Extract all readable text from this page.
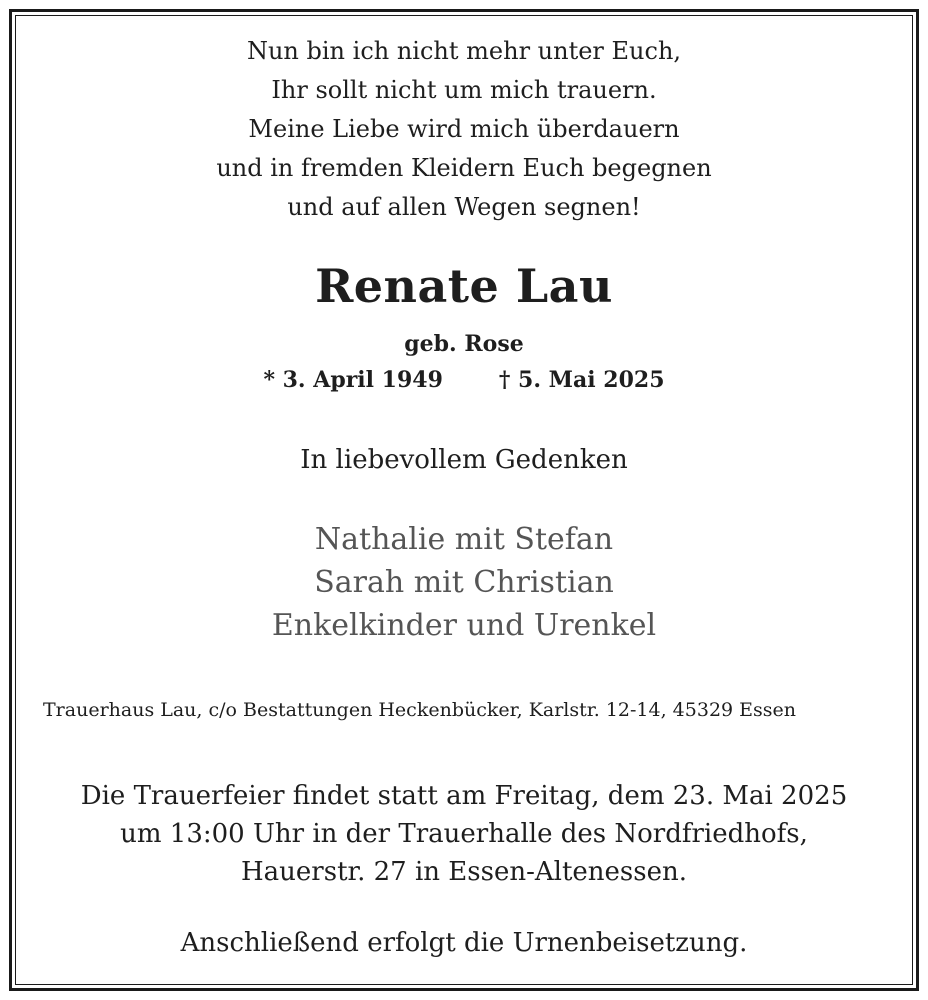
Nun bin ich nicht mehr unter Euch,
Ihr sollt nicht um mich trauern.
Meine Liebe wird mich überdauern
und in fremden Kleidern Euch begegnen
und auf allen Wegen segnen!
Renate Lau
geb. Rose
* 3. April 1949	† 5. Mai 2025
In liebevollem Gedenken
Nathalie mit Stefan
Sarah mit Christian
Enkelkinder und Urenkel
Trauerhaus Lau, c/o Bestattungen Heckenbücker, Karlstr. 12-14, 45329 Essen
Die Trauerfeier findet statt am Freitag, dem 23. Mai 2025
um 13:00 Uhr in der Trauerhalle des Nordfriedhofs,
Hauerstr. 27 in Essen-Altenessen.
Anschließend erfolgt die Urnenbeisetzung.
